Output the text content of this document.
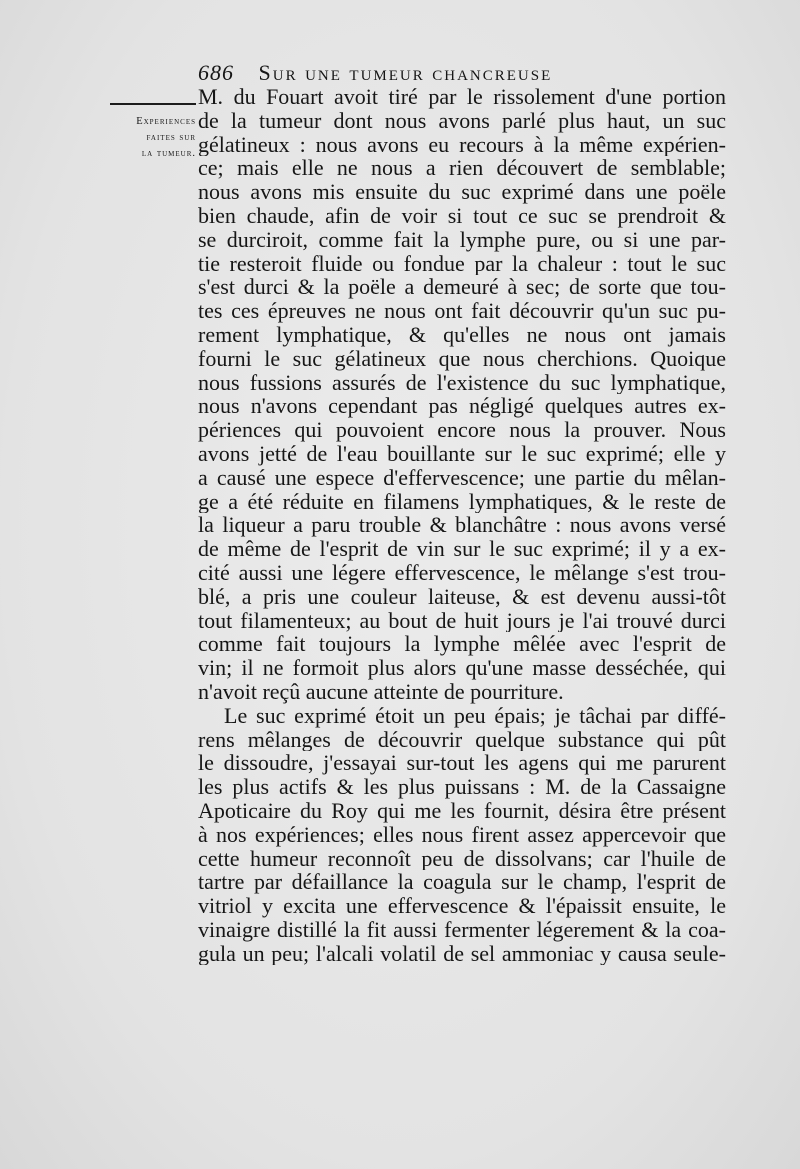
686 Sur une tumeur chancreuse
Experiences
faites sur
la tumeur.
M. du Fouart avoit tiré par le rissolement d'une portion
de la tumeur dont nous avons parlé plus haut, un suc
gélatineux : nous avons eu recours à la même expérien-
ce; mais elle ne nous a rien découvert de semblable;
nous avons mis ensuite du suc exprimé dans une poële
bien chaude, afin de voir si tout ce suc se prendroit &
se durciroit, comme fait la lymphe pure, ou si une par-
tie resteroit fluide ou fondue par la chaleur : tout le suc
s'est durci & la poële a demeuré à sec; de sorte que tou-
tes ces épreuves ne nous ont fait découvrir qu'un suc pu-
rement lymphatique, & qu'elles ne nous ont jamais
fourni le suc gélatineux que nous cherchions. Quoique
nous fussions assurés de l'existence du suc lymphatique,
nous n'avons cependant pas négligé quelques autres ex-
périences qui pouvoient encore nous la prouver. Nous
avons jetté de l'eau bouillante sur le suc exprimé; elle y
a causé une espece d'effervescence; une partie du mêlan-
ge a été réduite en filamens lymphatiques, & le reste de
la liqueur a paru trouble & blanchâtre : nous avons versé
de même de l'esprit de vin sur le suc exprimé; il y a ex-
cité aussi une légere effervescence, le mêlange s'est trou-
blé, a pris une couleur laiteuse, & est devenu aussi-tôt
tout filamenteux; au bout de huit jours je l'ai trouvé durci
comme fait toujours la lymphe mêlée avec l'esprit de
vin; il ne formoit plus alors qu'une masse desséchée, qui
n'avoit reçû aucune atteinte de pourriture.
Le suc exprimé étoit un peu épais; je tâchai par diffé-
rens mêlanges de découvrir quelque substance qui pût
le dissoudre, j'essayai sur-tout les agens qui me parurent
les plus actifs & les plus puissans : M. de la Cassaigne
Apoticaire du Roy qui me les fournit, désira être présent
à nos expériences; elles nous firent assez appercevoir que
cette humeur reconnoît peu de dissolvans; car l'huile de
tartre par défaillance la coagula sur le champ, l'esprit de
vitriol y excita une effervescence & l'épaissit ensuite, le
vinaigre distillé la fit aussi fermenter légerement & la coa-
gula un peu; l'alcali volatil de sel ammoniac y causa seule-
